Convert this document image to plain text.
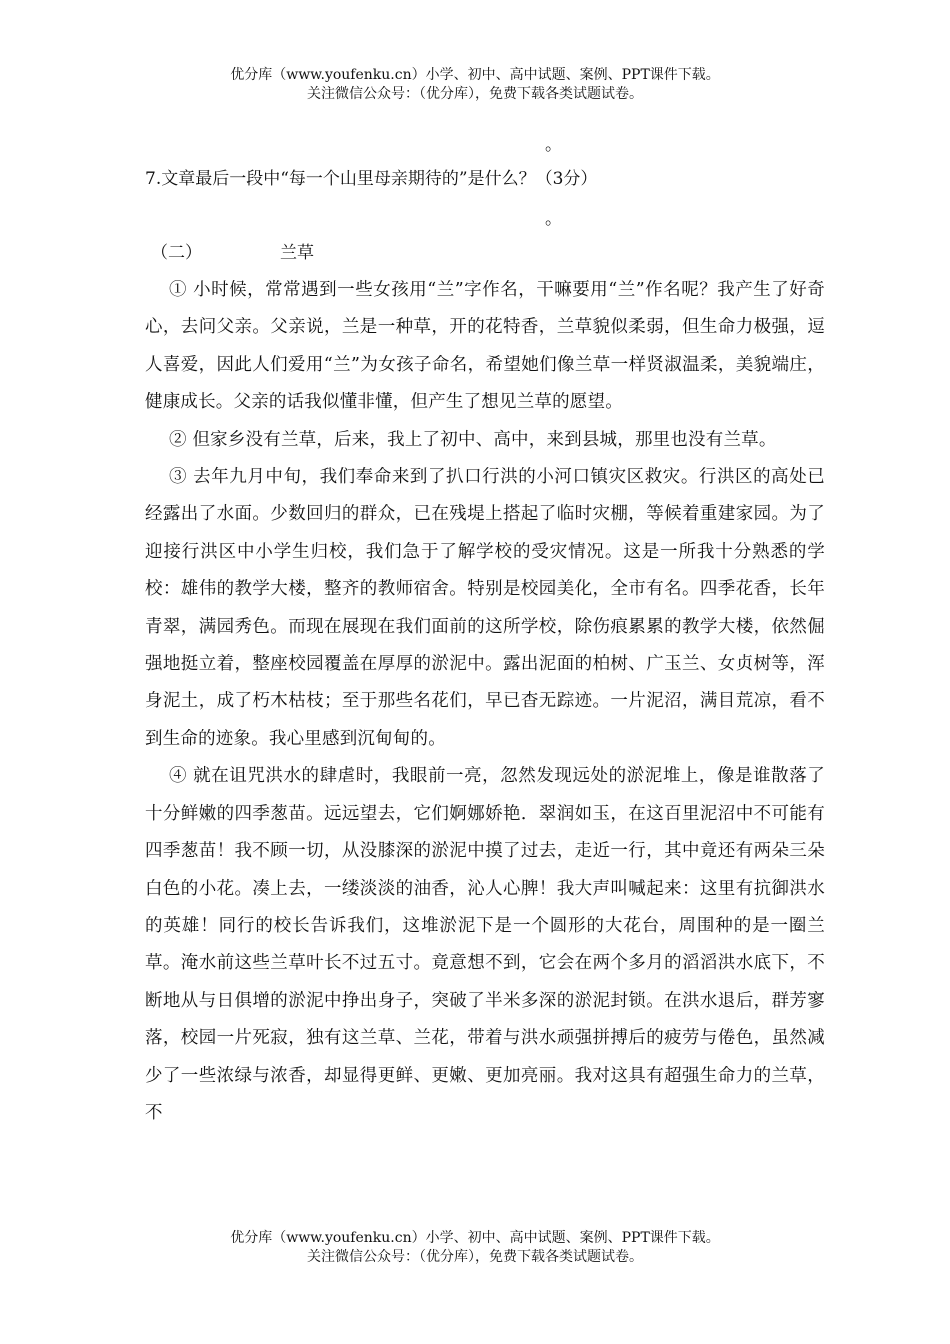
优分库（www.youfenku.cn）小学、初中、高中试题、案例、PPT课件下载。
关注微信公众号：（优分库），免费下载各类试题试卷。
。
7.文章最后一段中“每一个山里母亲期待的”是什么？（3分）
。
（二）	兰草

① 小时候，常常遇到一些女孩用“兰”字作名，干嘛要用“兰”作名呢？我产生了好奇心，去问父亲。父亲说，兰是一种草，开的花特香，兰草貌似柔弱，但生命力极强，逗人喜爱，因此人们爱用“兰”为女孩子命名，希望她们像兰草一样贤淑温柔，美貌端庄，健康成长。父亲的话我似懂非懂，但产生了想见兰草的愿望。

② 但家乡没有兰草，后来，我上了初中、高中，来到县城，那里也没有兰草。

③ 去年九月中旬，我们奉命来到了扒口行洪的小河口镇灾区救灾。行洪区的高处已经露出了水面。少数回归的群众，已在残堤上搭起了临时灾棚，等候着重建家园。为了迎接行洪区中小学生归校，我们急于了解学校的受灾情况。这是一所我十分熟悉的学校：雄伟的教学大楼，整齐的教师宿舍。特别是校园美化，全市有名。四季花香，长年青翠，满园秀色。而现在展现在我们面前的这所学校，除伤痕累累的教学大楼，依然倔强地挺立着，整座校园覆盖在厚厚的淤泥中。露出泥面的柏树、广玉兰、女贞树等，浑身泥土，成了朽木枯枝；至于那些名花们，早已杳无踪迹。一片泥沼，满目荒凉，看不到生命的迹象。我心里感到沉甸甸的。

④ 就在诅咒洪水的肆虐时，我眼前一亮，忽然发现远处的淤泥堆上，像是谁散落了十分鲜嫩的四季葱苗。远远望去，它们婀娜娇艳．翠润如玉，在这百里泥沼中不可能有四季葱苗！我不顾一切，从没膝深的淤泥中摸了过去，走近一行，其中竟还有两朵三朵白色的小花。凑上去，一缕淡淡的油香，沁人心脾！我大声叫喊起来：这里有抗御洪水的英雄！同行的校长告诉我们，这堆淤泥下是一个圆形的大花台，周围种的是一圈兰草。淹水前这些兰草叶长不过五寸。竟意想不到，它会在两个多月的滔滔洪水底下，不断地从与日俱增的淤泥中挣出身子，突破了半米多深的淤泥封锁。在洪水退后，群芳寥落，校园一片死寂，独有这兰草、兰花，带着与洪水顽强拼搏后的疲劳与倦色，虽然减少了一些浓绿与浓香，却显得更鲜、更嫩、更加亮丽。我对这具有超强生命力的兰草，不

优分库（www.youfenku.cn）小学、初中、高中试题、案例、PPT课件下载。
关注微信公众号：（优分库），免费下载各类试题试卷。
